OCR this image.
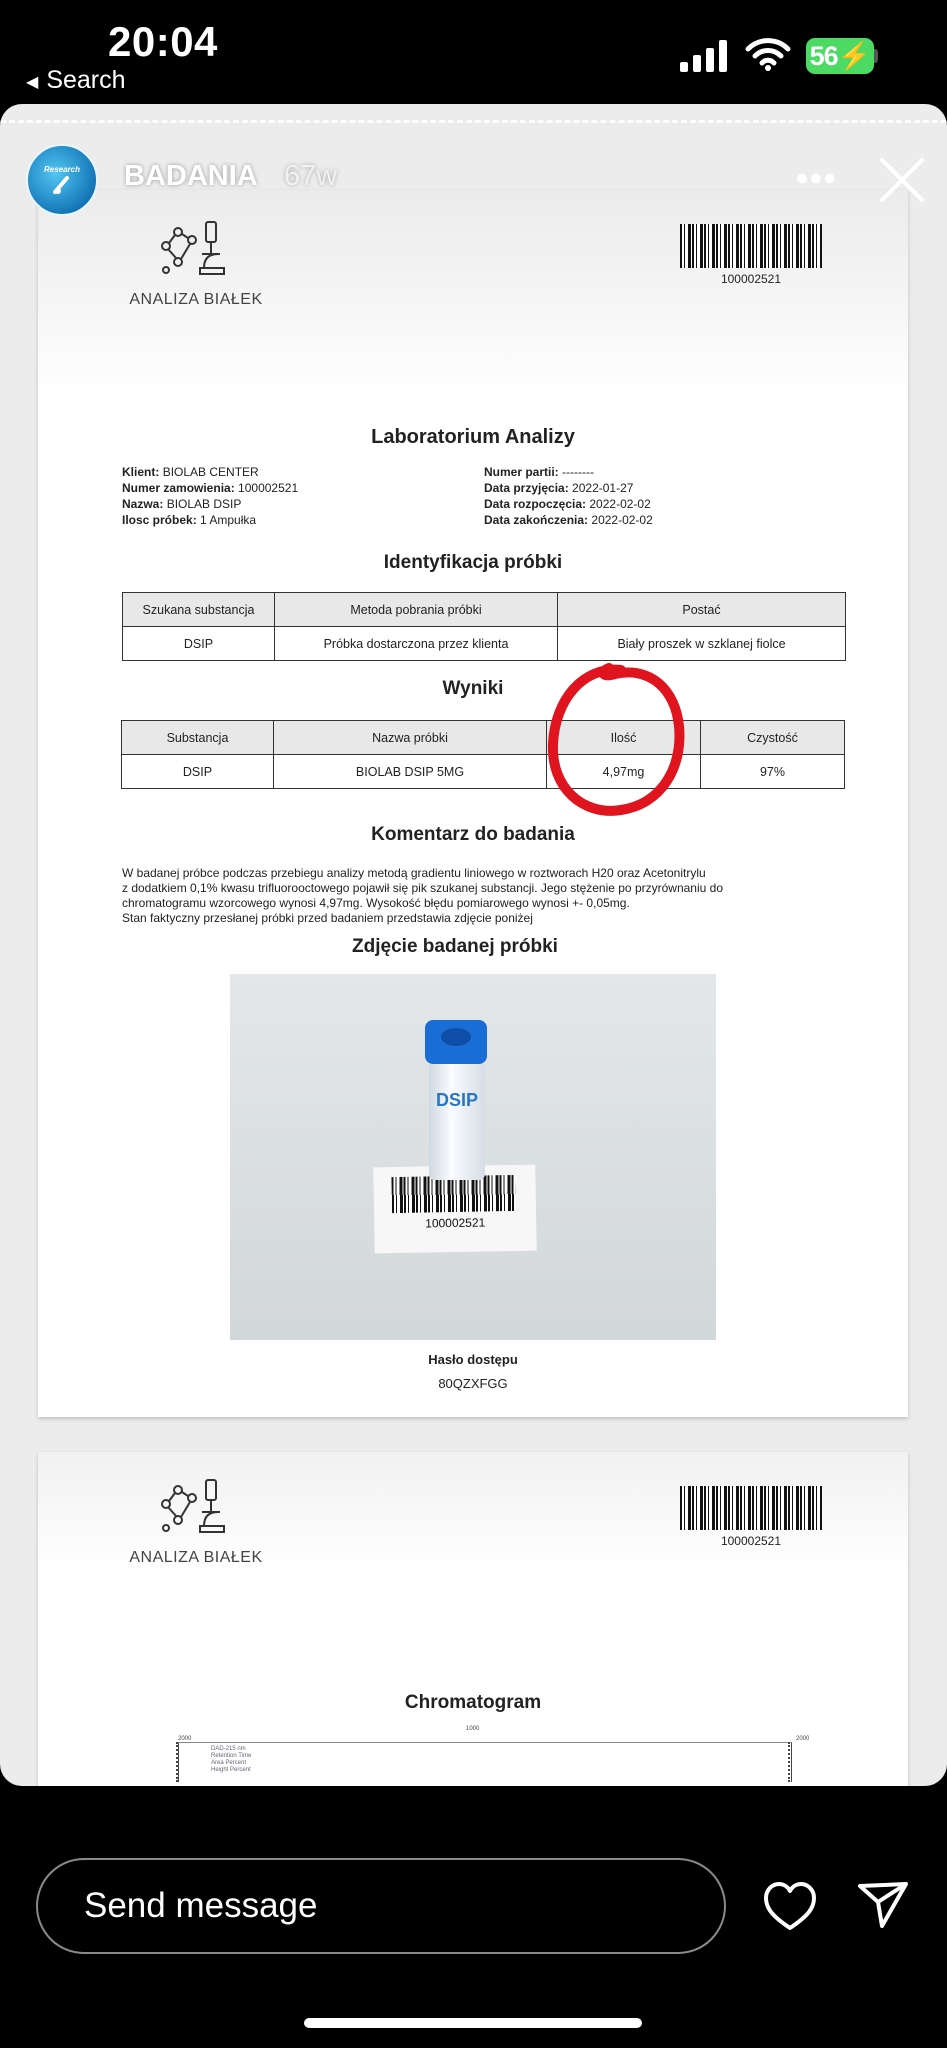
20:04
◀ Search
56 ⚡
ANALIZA BIAŁEK
100002521
Laboratorium Analizy
Klient: BIOLAB CENTER
Numer zamowienia: 100002521
Nazwa: BIOLAB DSIP
Ilosc próbek: 1 Ampułka
Numer partii: --------
Data przyjęcia: 2022-01-27
Data rozpoczęcia: 2022-02-02
Data zakończenia: 2022-02-02
Identyfikacja próbki
Szukana substancja	Metoda pobrania próbki	Postać
DSIP	Próbka dostarczona przez klienta	Biały proszek w szklanej fiolce
Wyniki
Substancja	Nazwa próbki	Ilość	Czystość
DSIP	BIOLAB DSIP 5MG	4,97mg	97%
Komentarz do badania
W badanej próbce podczas przebiegu analizy metodą gradientu liniowego w roztworach H20 oraz Acetonitrylu
z dodatkiem 0,1% kwasu trifluorooctowego pojawił się pik szukanej substancji. Jego stężenie po przyrównaniu do
chromatogramu wzorcowego wynosi 4,97mg. Wysokość błędu pomiarowego wynosi +- 0,05mg.
Stan faktyczny przesłanej próbki przed badaniem przedstawia zdjęcie poniżej
Zdjęcie badanej próbki
100002521
DSIP
Hasło dostępu
80QZXFGG
ANALIZA BIAŁEK
100002521
Chromatogram
1000
2000	2000
DAD-215 nm
Retention Time
Area Percent
Height Percent
Research BADANIA 67w	•••
Send message
